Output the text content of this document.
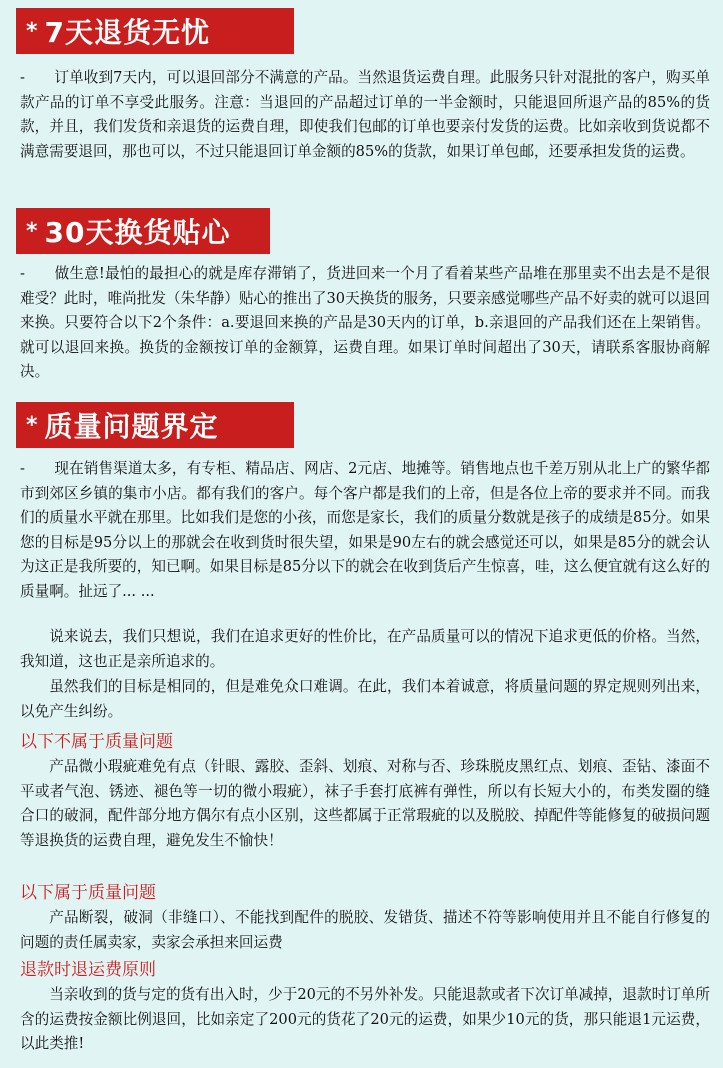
* 7天退货无忧

-　　订单收到7天内，可以退回部分不满意的产品。当然退货运费自理。此服务只针对混批的客户，购买单款产品的订单不享受此服务。注意：当退回的产品超过订单的一半金额时，只能退回所退产品的85%的货款，并且，我们发货和亲退货的运费自理，即使我们包邮的订单也要亲付发货的运费。比如亲收到货说都不满意需要退回，那也可以，不过只能退回订单金额的85%的货款，如果订单包邮，还要承担发货的运费。

* 30天换货贴心

-　　做生意!最怕的最担心的就是库存滞销了，货进回来一个月了看着某些产品堆在那里卖不出去是不是很难受？此时，唯尚批发（朱华静）贴心的推出了30天换货的服务，只要亲感觉哪些产品不好卖的就可以退回来换。只要符合以下2个条件：a.要退回来换的产品是30天内的订单，b.亲退回的产品我们还在上架销售。就可以退回来换。换货的金额按订单的金额算，运费自理。如果订单时间超出了30天，请联系客服协商解决。

* 质量问题界定

-　　现在销售渠道太多，有专柜、精品店、网店、2元店、地摊等。销售地点也千差万别从北上广的繁华都市到郊区乡镇的集市小店。都有我们的客户。每个客户都是我们的上帝，但是各位上帝的要求并不同。而我们的质量水平就在那里。比如我们是您的小孩，而您是家长，我们的质量分数就是孩子的成绩是85分。如果您的目标是95分以上的那就会在收到货时很失望，如果是90左右的就会感觉还可以，如果是85分的就会认为这正是我所要的，知已啊。如果目标是85分以下的就会在收到货后产生惊喜，哇，这么便宜就有这么好的质量啊。扯远了... ...

说来说去，我们只想说，我们在追求更好的性价比，在产品质量可以的情况下追求更低的价格。当然，我知道，这也正是亲所追求的。

虽然我们的目标是相同的，但是难免众口难调。在此，我们本着诚意，将质量问题的界定规则列出来，以免产生纠纷。

以下不属于质量问题

产品微小瑕疵难免有点（针眼、露胶、歪斜、划痕、对称与否、珍珠脱皮黑红点、划痕、歪钻、漆面不平或者气泡、锈迹、褪色等一切的微小瑕疵），袜子手套打底裤有弹性，所以有长短大小的，布类发圈的缝合口的破洞，配件部分地方偶尔有点小区别，这些都属于正常瑕疵的以及脱胶、掉配件等能修复的破损问题等退换货的运费自理，避免发生不愉快！

以下属于质量问题

产品断裂，破洞（非缝口）、不能找到配件的脱胶、发错货、描述不符等影响使用并且不能自行修复的问题的责任属卖家，卖家会承担来回运费

退款时退运费原则

当亲收到的货与定的货有出入时，少于20元的不另外补发。只能退款或者下次订单减掉，退款时订单所含的运费按金额比例退回，比如亲定了200元的货花了20元的运费，如果少10元的货，那只能退1元运费，以此类推!
